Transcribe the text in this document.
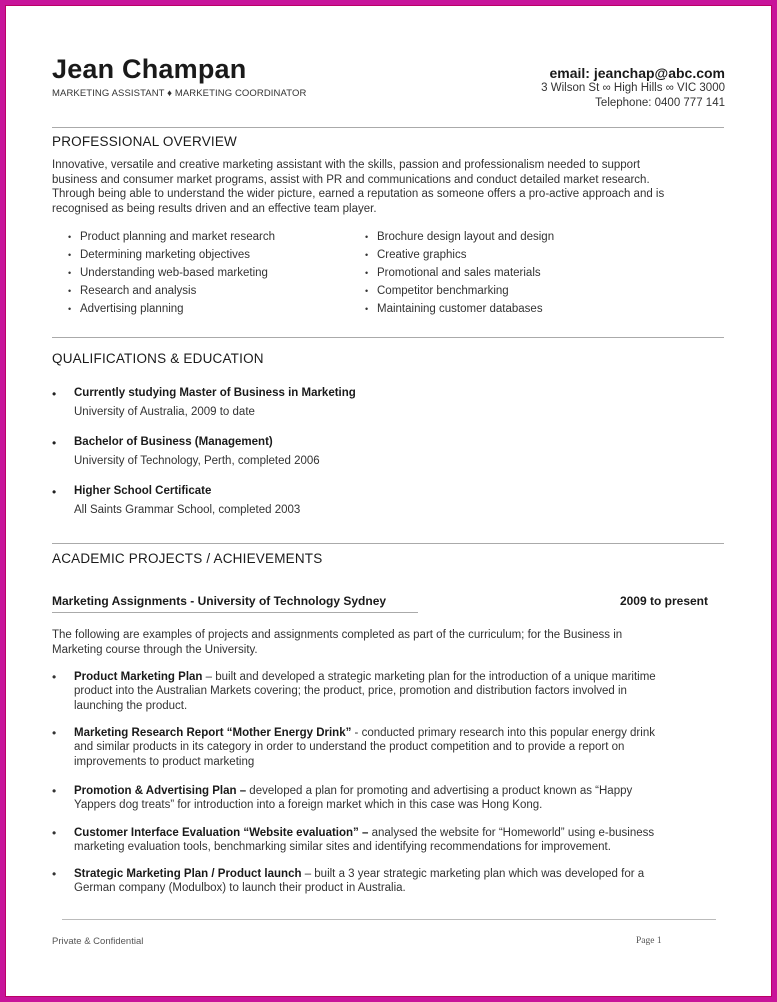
Jean Champan
MARKETING ASSISTANT ♦ MARKETING COORDINATOR
email: jeanchap@abc.com
3 Wilson St ∞ High Hills ∞ VIC 3000
Telephone: 0400 777 141
PROFESSIONAL OVERVIEW
Innovative, versatile and creative marketing assistant with the skills, passion and professionalism needed to support
business and consumer market programs, assist with PR and communications and conduct detailed market research.
Through being able to understand the wider picture, earned a reputation as someone offers a pro-active approach and is
recognised as being results driven and an effective team player.
• Product planning and market research
• Determining marketing objectives
• Understanding web-based marketing
• Research and analysis
• Advertising planning
• Brochure design layout and design
• Creative graphics
• Promotional and sales materials
• Competitor benchmarking
• Maintaining customer databases
QUALIFICATIONS & EDUCATION
• Currently studying Master of Business in Marketing
University of Australia, 2009 to date
• Bachelor of Business (Management)
University of Technology, Perth, completed 2006
• Higher School Certificate
All Saints Grammar School, completed 2003
ACADEMIC PROJECTS / ACHIEVEMENTS
Marketing Assignments - University of Technology Sydney	2009 to present
The following are examples of projects and assignments completed as part of the curriculum; for the Business in
Marketing course through the University.
• Product Marketing Plan – built and developed a strategic marketing plan for the introduction of a unique maritime
product into the Australian Markets covering; the product, price, promotion and distribution factors involved in
launching the product.
• Marketing Research Report “Mother Energy Drink” - conducted primary research into this popular energy drink
and similar products in its category in order to understand the product competition and to provide a report on
improvements to product marketing
• Promotion & Advertising Plan – developed a plan for promoting and advertising a product known as “Happy
Yappers dog treats” for introduction into a foreign market which in this case was Hong Kong.
• Customer Interface Evaluation “Website evaluation” – analysed the website for “Homeworld” using e-business
marketing evaluation tools, benchmarking similar sites and identifying recommendations for improvement.
• Strategic Marketing Plan / Product launch – built a 3 year strategic marketing plan which was developed for a
German company (Modulbox) to launch their product in Australia.
Private & Confidential	Page 1
